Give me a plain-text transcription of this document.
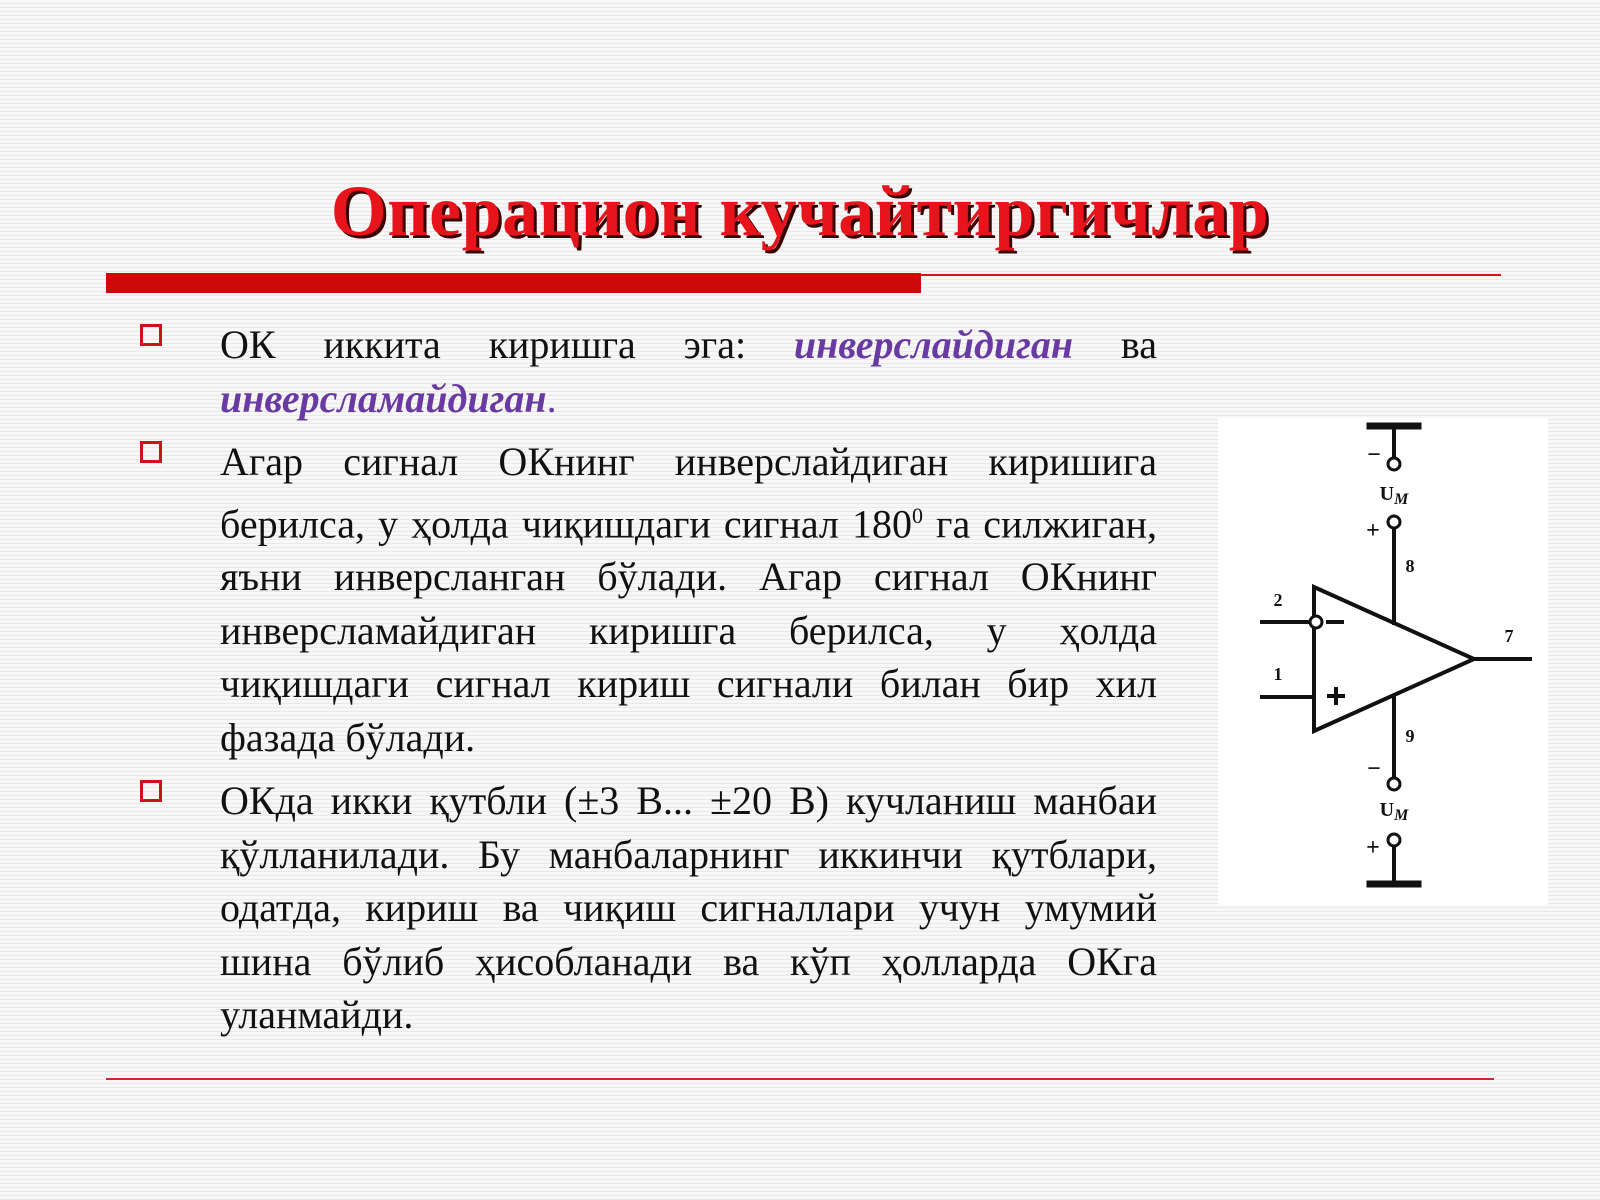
Операцион кучайтиргичлар
ОК иккита киришга эга: инверслайдиган ва инверсламайдиган.
Агар сигнал ОКнинг инверслайдиган киришига берилса, у ҳолда чиқишдаги сигнал $180^0$ га силжиган, яъни инверсланган бўлади. Агар сигнал ОКнинг инверсламайдиган киришга берилса, у ҳолда чиқишдаги сигнал кириш сигнали билан бир хил фазада бўлади.
ОКда икки қутбли (±3 В... ±20 В) кучланиш манбаи қўлланилади. Бу манбаларнинг иккинчи қутблари, одатда, кириш ва чиқиш сигналлари учун умумий шина бўлиб ҳисобланади ва кўп ҳолларда ОКга уланмайди.
−
$U_M$
+
8
2
1
7
9
−
$U_M$
+
